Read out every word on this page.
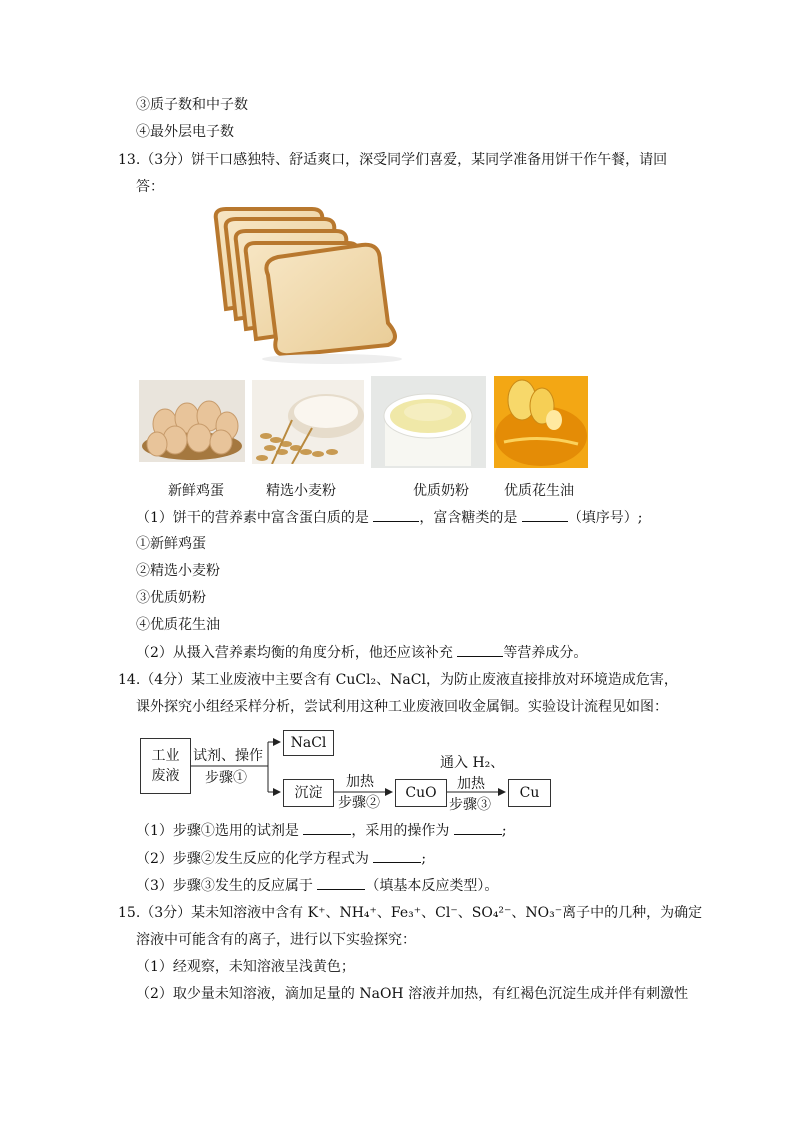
③质子数和中子数
④最外层电子数
13.（3分）饼干口感独特、舒适爽口，深受同学们喜爱，某同学准备用饼干作午餐，请回
答：
新鲜鸡蛋	精选小麦粉	优质奶粉	优质花生油
（1）饼干的营养素中富含蛋白质的是	，富含糖类的是	（填序号）;
①新鲜鸡蛋
②精选小麦粉
③优质奶粉
④优质花生油
（2）从摄入营养素均衡的角度分析，他还应该补充	等营养成分。
14.（4分）某工业废液中主要含有 CuCl₂、NaCl，为防止废液直接排放对环境造成危害，
课外探究小组经采样分析，尝试利用这种工业废液回收金属铜。实验设计流程见如图：
工业
废液
试剂、操作
步骤①
NaCl
沉淀
加热
步骤②
CuO
通入 H₂、
加热
步骤③
Cu
（1）步骤①选用的试剂是	，采用的操作为	;
（2）步骤②发生反应的化学方程式为	;
（3）步骤③发生的反应属于	（填基本反应类型）。
15.（3分）某未知溶液中含有 K⁺、NH₄⁺、Fe₃⁺、Cl⁻、SO₄²⁻、NO₃⁻离子中的几种，为确定
溶液中可能含有的离子，进行以下实验探究：
（1）经观察，未知溶液呈浅黄色；
（2）取少量未知溶液，滴加足量的 NaOH 溶液并加热，有红褐色沉淀生成并伴有刺激性
